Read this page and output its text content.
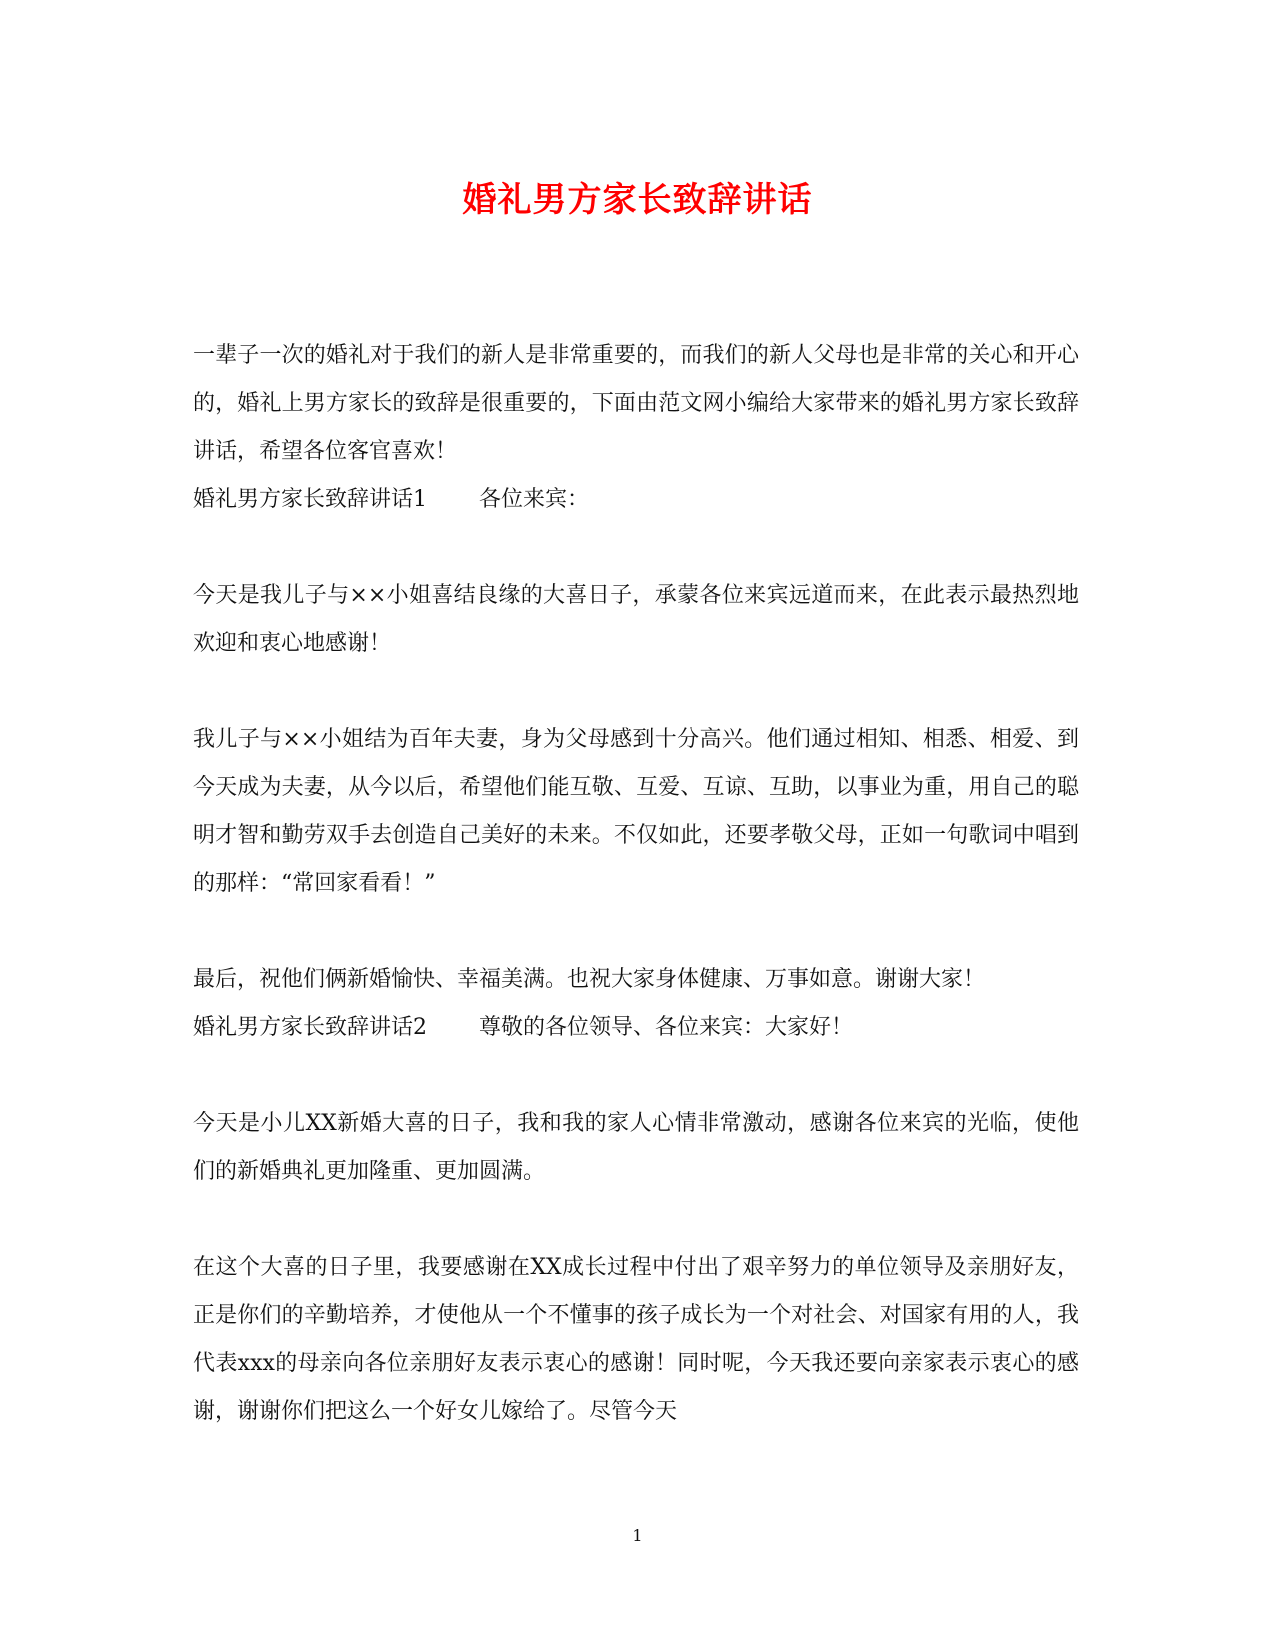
婚礼男方家长致辞讲话

一辈子一次的婚礼对于我们的新人是非常重要的，而我们的新人父母也是非常的关心和开心的，婚礼上男方家长的致辞是很重要的，下面由范文网小编给大家带来的婚礼男方家长致辞讲话，希望各位客官喜欢！

婚礼男方家长致辞讲话1 各位来宾：

今天是我儿子与××小姐喜结良缘的大喜日子，承蒙各位来宾远道而来，在此表示最热烈地欢迎和衷心地感谢！

我儿子与××小姐结为百年夫妻，身为父母感到十分高兴。他们通过相知、相悉、相爱、到今天成为夫妻，从今以后，希望他们能互敬、互爱、互谅、互助，以事业为重，用自己的聪明才智和勤劳双手去创造自己美好的未来。不仅如此，还要孝敬父母，正如一句歌词中唱到的那样：“常回家看看！”

最后，祝他们俩新婚愉快、幸福美满。也祝大家身体健康、万事如意。谢谢大家！

婚礼男方家长致辞讲话2 尊敬的各位领导、各位来宾：大家好！

今天是小儿XX新婚大喜的日子，我和我的家人心情非常激动，感谢各位来宾的光临，使他们的新婚典礼更加隆重、更加圆满。

在这个大喜的日子里，我要感谢在XX成长过程中付出了艰辛努力的单位领导及亲朋好友，正是你们的辛勤培养，才使他从一个不懂事的孩子成长为一个对社会、对国家有用的人，我代表xxx的母亲向各位亲朋好友表示衷心的感谢！同时呢，今天我还要向亲家表示衷心的感谢，谢谢你们把这么一个好女儿嫁给了。尽管今天

1
